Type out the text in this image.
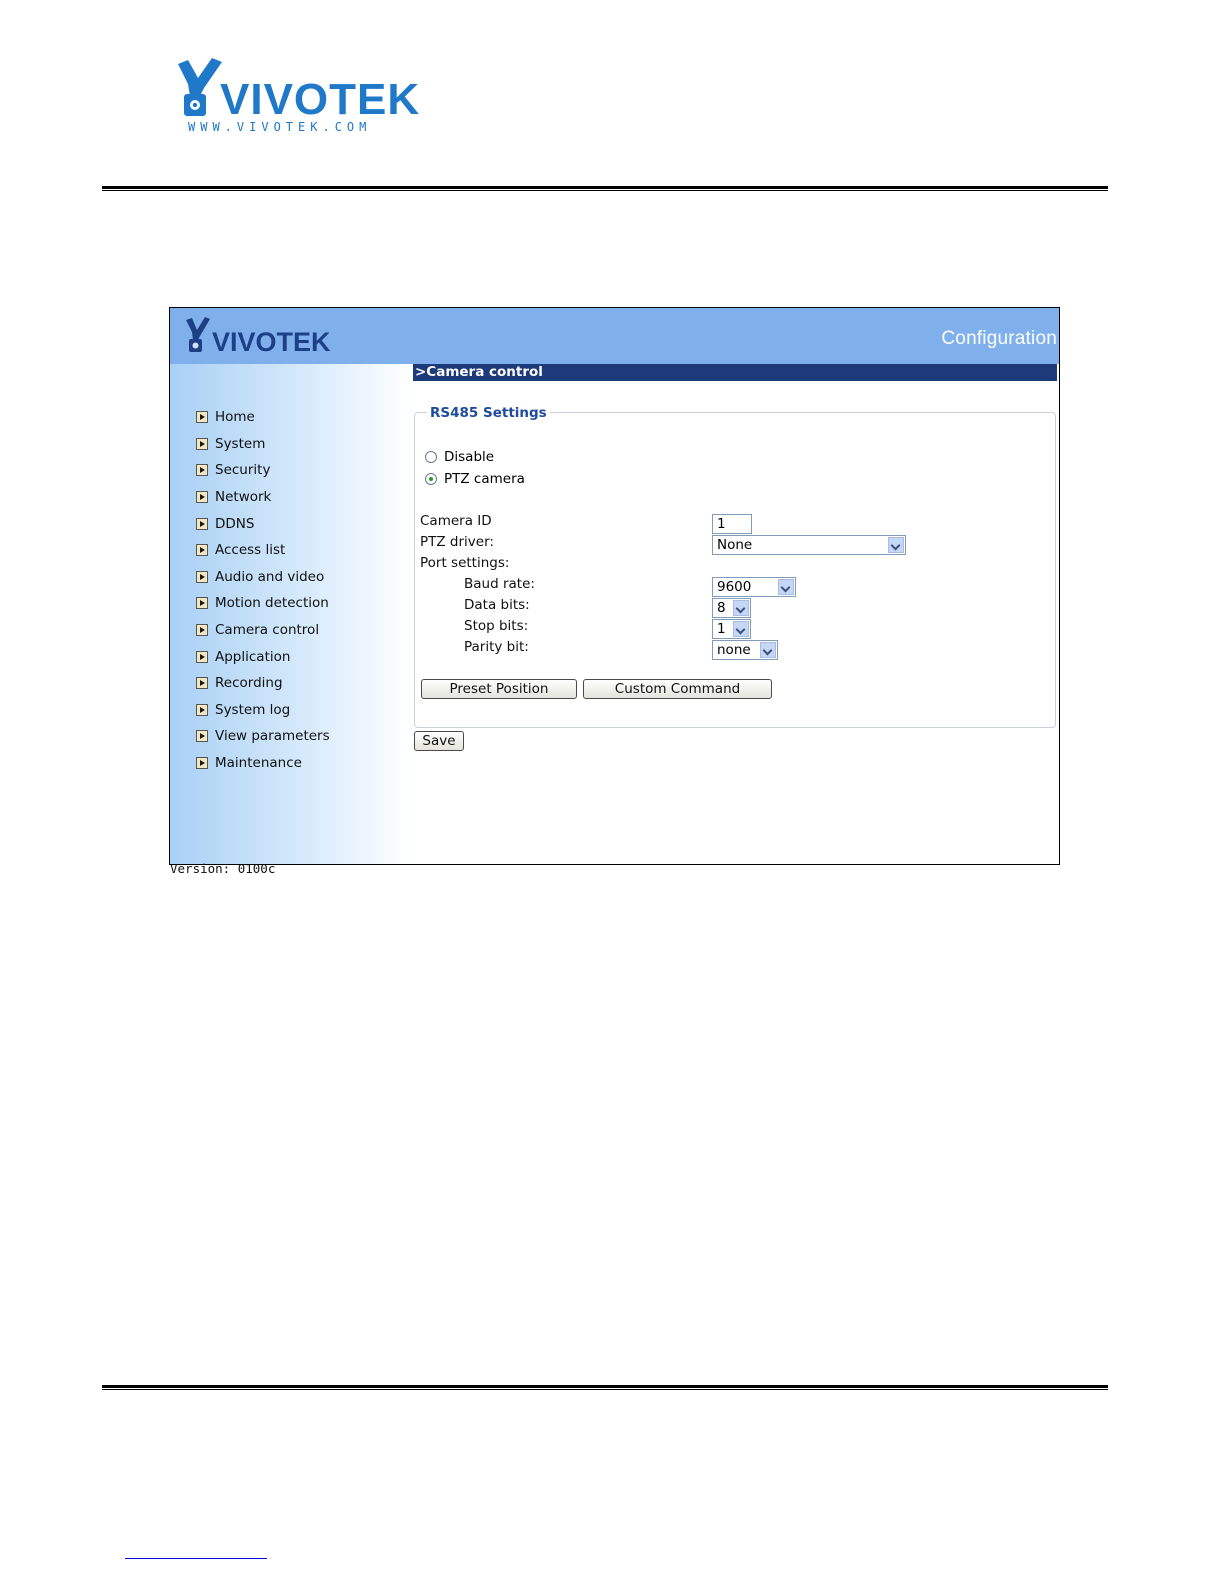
VIVOTEK
WWW.VIVOTEK.COM
VIVOTEK	Configuration
Home
System
Security
Network
DDNS
Access list
Audio and video
Motion detection
Camera control
Application
Recording
System log
View parameters
Maintenance
Version: 0100c
>Camera control
RS485 Settings
Disable
PTZ camera
Camera ID	1
PTZ driver:	None
Port settings:
Baud rate:	9600
Data bits:	8
Stop bits:	1
Parity bit:	none
Preset Position	Custom Command
Save
